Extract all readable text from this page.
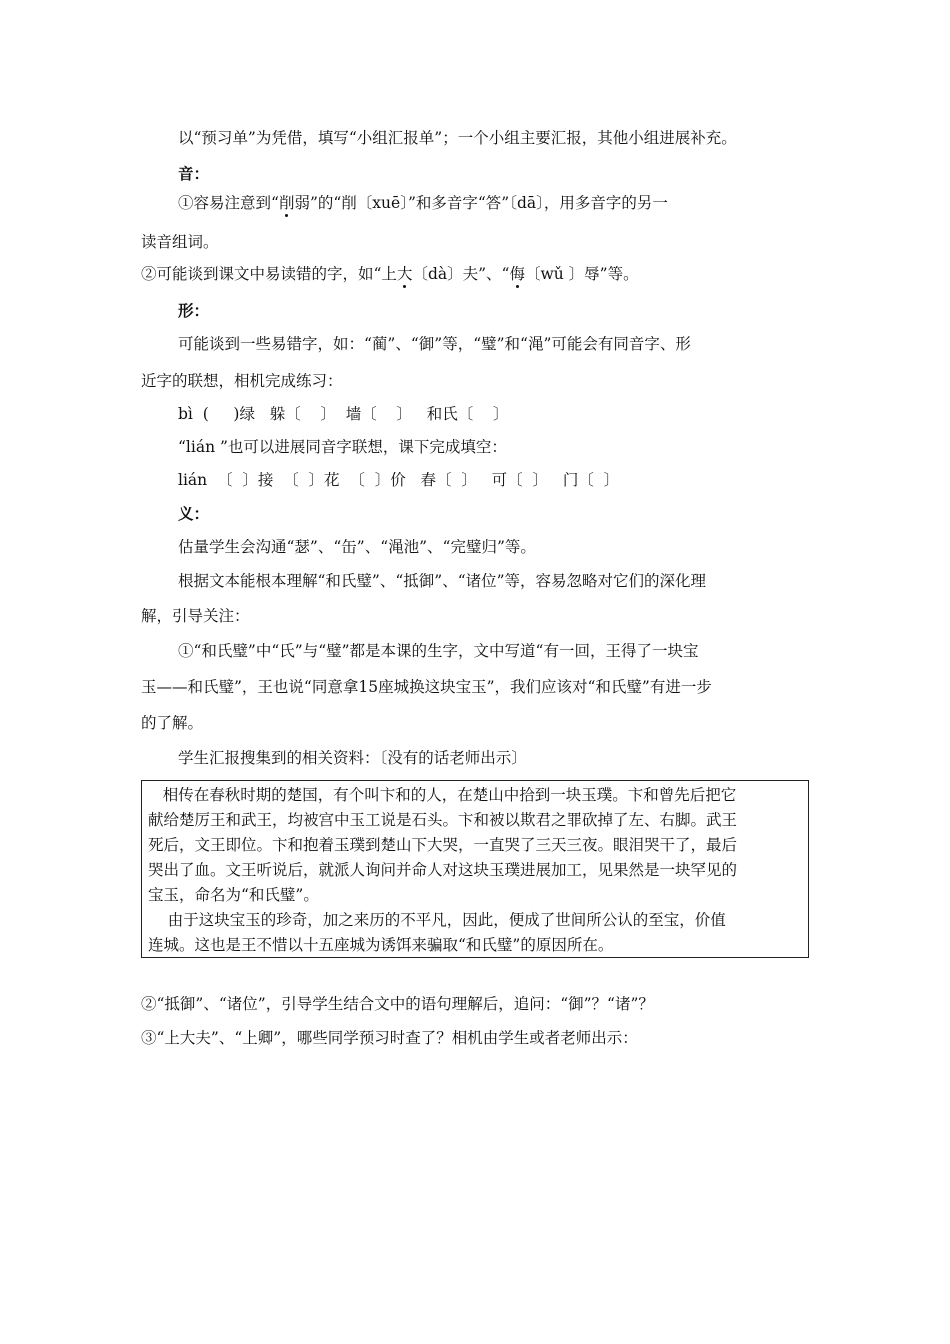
以“预习单”为凭借，填写“小组汇报单”；一个小组主要汇报，其他小组进展补充。
音：
①容易注意到“削弱”的“削〔xuē〕”和多音字“答”〔dā〕，用多音字的另一
读音组词。
②可能谈到课文中易读错的字，如“上大〔dà〕夫”、“侮〔wǔ 〕辱”等。
形：
可能谈到一些易错字，如：“蔺”、“御”等，“璧”和“渑”可能会有同音字、形
近字的联想，相机完成练习：
bì  (     )绿   躲〔    〕  墙〔    〕   和氏〔    〕
“lián ”也可以进展同音字联想，课下完成填空：
lián  〔  〕接  〔  〕花  〔  〕价   春〔  〕   可〔  〕   门〔  〕
义：
估量学生会沟通“瑟”、“缶”、“渑池”、“完璧归”等。
根据文本能根本理解“和氏璧”、“抵御”、“诸位”等，容易忽略对它们的深化理
解，引导关注：
①“和氏璧”中“氏”与“璧”都是本课的生字，文中写道“有一回，王得了一块宝
玉——和氏璧”，王也说“同意拿15座城换这块宝玉”，我们应该对“和氏璧”有进一步
的了解。
学生汇报搜集到的相关资料：〔没有的话老师出示〕
相传在春秋时期的楚国，有个叫卞和的人，在楚山中拾到一块玉璞。卞和曾先后把它
献给楚厉王和武王，均被宫中玉工说是石头。卞和被以欺君之罪砍掉了左、右脚。武王
死后，文王即位。卞和抱着玉璞到楚山下大哭，一直哭了三天三夜。眼泪哭干了，最后
哭出了血。文王听说后，就派人询问并命人对这块玉璞进展加工，见果然是一块罕见的
宝玉，命名为“和氏璧”。
由于这块宝玉的珍奇，加之来历的不平凡，因此，便成了世间所公认的至宝，价值
连城。这也是王不惜以十五座城为诱饵来骗取“和氏璧”的原因所在。
②“抵御”、“诸位”，引导学生结合文中的语句理解后，追问：“御”？“诸”？
③“上大夫”、“上卿”，哪些同学预习时查了？相机由学生或者老师出示：
